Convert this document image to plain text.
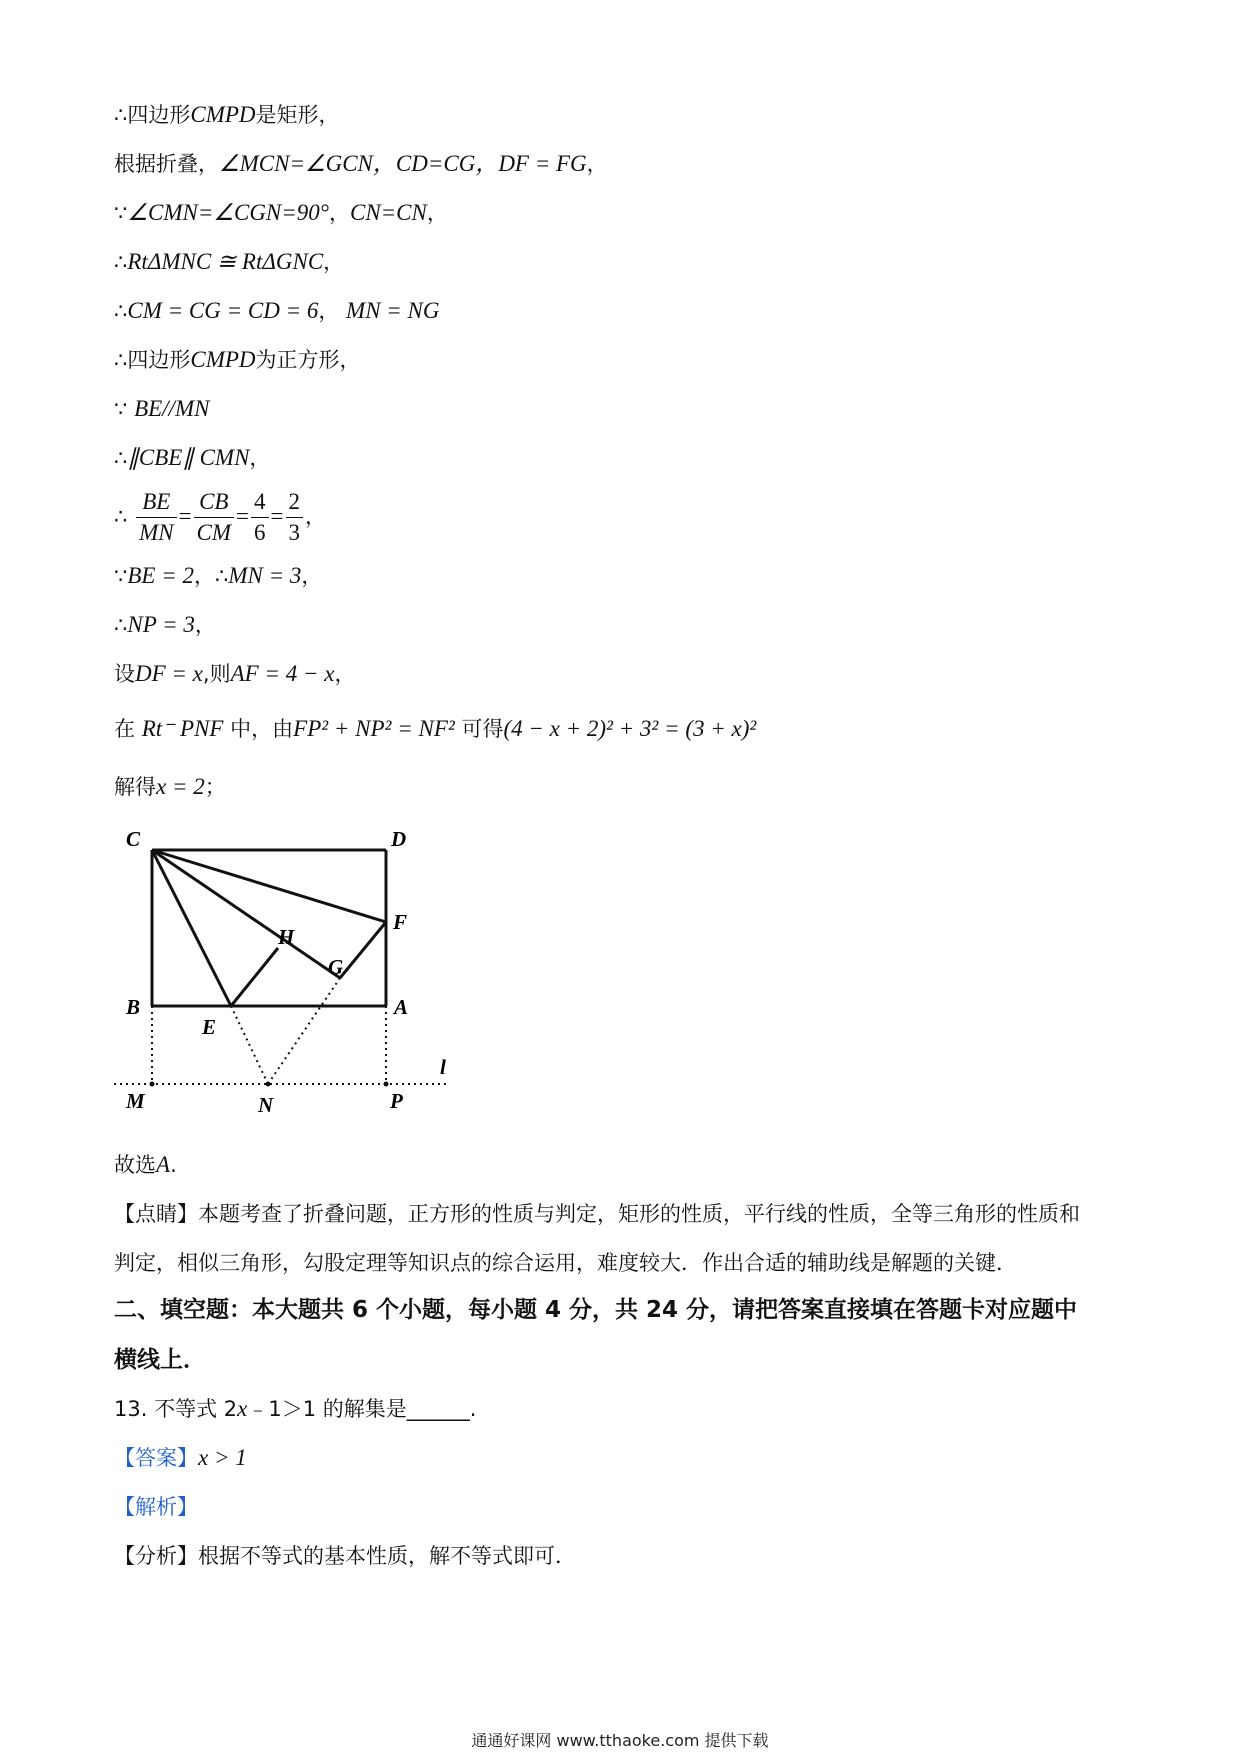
∴四边形CMPD是矩形，
根据折叠，∠MCN=∠GCN，CD=CG，DF = FG，
∵∠CMN=∠CGN=90°，CN=CN，
∴RtΔMNC ≅ RtΔGNC，
∴CM = CG = CD = 6， MN = NG
∴四边形CMPD为正方形，
∵ BE//MN
∴∥CBE∥ CMN，
∴ $\frac{BE}{MN} = \frac{CB}{CM} = \frac{4}{6} = \frac{2}{3}$ ，
∵BE = 2，∴MN = 3，
∴NP = 3，
设DF = x,则AF = 4 − x，
在 Rt⁻ PNF 中，由FP² + NP² = NF² 可得(4 − x + 2)² + 3² = (3 + x)²
解得x = 2；
C	D
F
H
G
B	A
E
l
M	N	P
故选A.
【点睛】本题考查了折叠问题，正方形的性质与判定，矩形的性质，平行线的性质，全等三角形的性质和
判定，相似三角形，勾股定理等知识点的综合运用，难度较大．作出合适的辅助线是解题的关键．
二、填空题：本大题共 6 个小题，每小题 4 分，共 24 分，请把答案直接填在答题卡对应题中
横线上．
13. 不等式 2x﹣1＞1 的解集是______.
【答案】x > 1
【解析】
【分析】根据不等式的基本性质，解不等式即可．
通通好课网 www.tthaoke.com 提供下载
